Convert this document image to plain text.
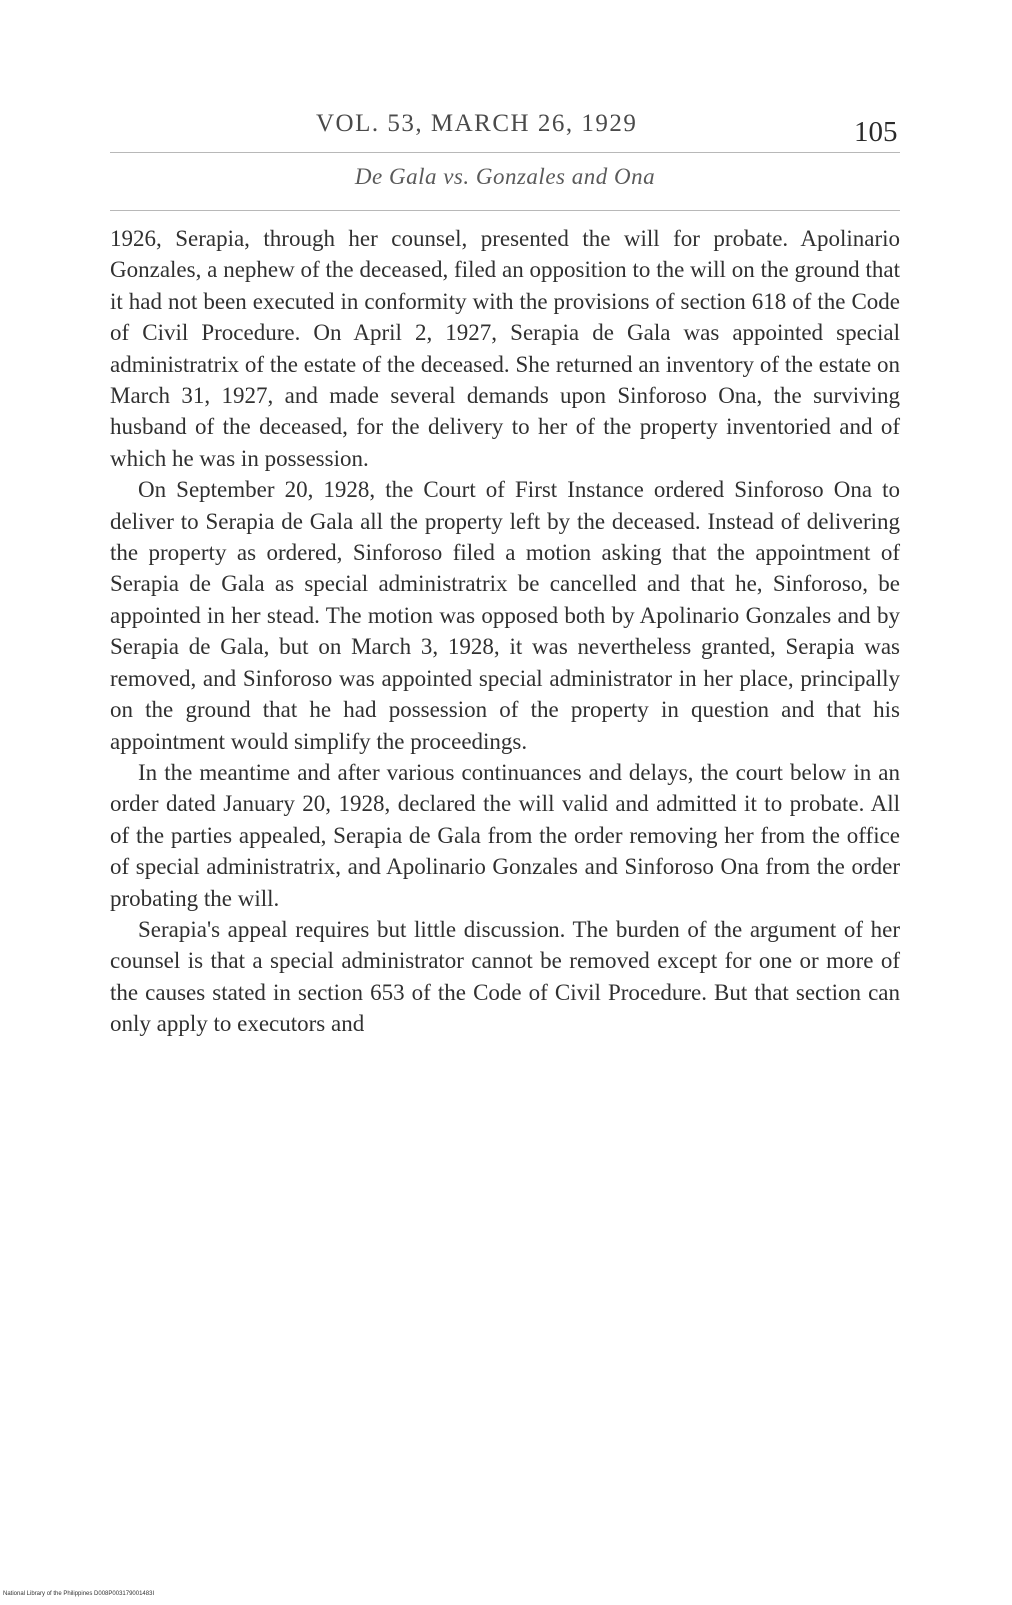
VOL. 53, MARCH 26, 1929	105
De Gala vs. Gonzales and Ona

1926, Serapia, through her counsel, presented the will for probate. Apolinario Gonzales, a nephew of the deceased, filed an opposition to the will on the ground that it had not been executed in conformity with the provisions of section 618 of the Code of Civil Procedure. On April 2, 1927, Serapia de Gala was appointed special administratrix of the estate of the deceased. She returned an inventory of the estate on March 31, 1927, and made several demands upon Sinforoso Ona, the surviving husband of the deceased, for the delivery to her of the property inventoried and of which he was in possession.

On September 20, 1928, the Court of First Instance ordered Sinforoso Ona to deliver to Serapia de Gala all the property left by the deceased. Instead of delivering the property as ordered, Sinforoso filed a motion asking that the appointment of Serapia de Gala as special administratrix be cancelled and that he, Sinforoso, be appointed in her stead. The motion was opposed both by Apolinario Gonzales and by Serapia de Gala, but on March 3, 1928, it was nevertheless granted, Serapia was removed, and Sinforoso was appointed special administrator in her place, principally on the ground that he had possession of the property in question and that his appointment would simplify the proceedings.

In the meantime and after various continuances and delays, the court below in an order dated January 20, 1928, declared the will valid and admitted it to probate. All of the parties appealed, Serapia de Gala from the order removing her from the office of special administratrix, and Apolinario Gonzales and Sinforoso Ona from the order probating the will.

Serapia's appeal requires but little discussion. The burden of the argument of her counsel is that a special administrator cannot be removed except for one or more of the causes stated in section 653 of the Code of Civil Procedure. But that section can only apply to executors and

National Library of the Philippines D008P003179001483I
